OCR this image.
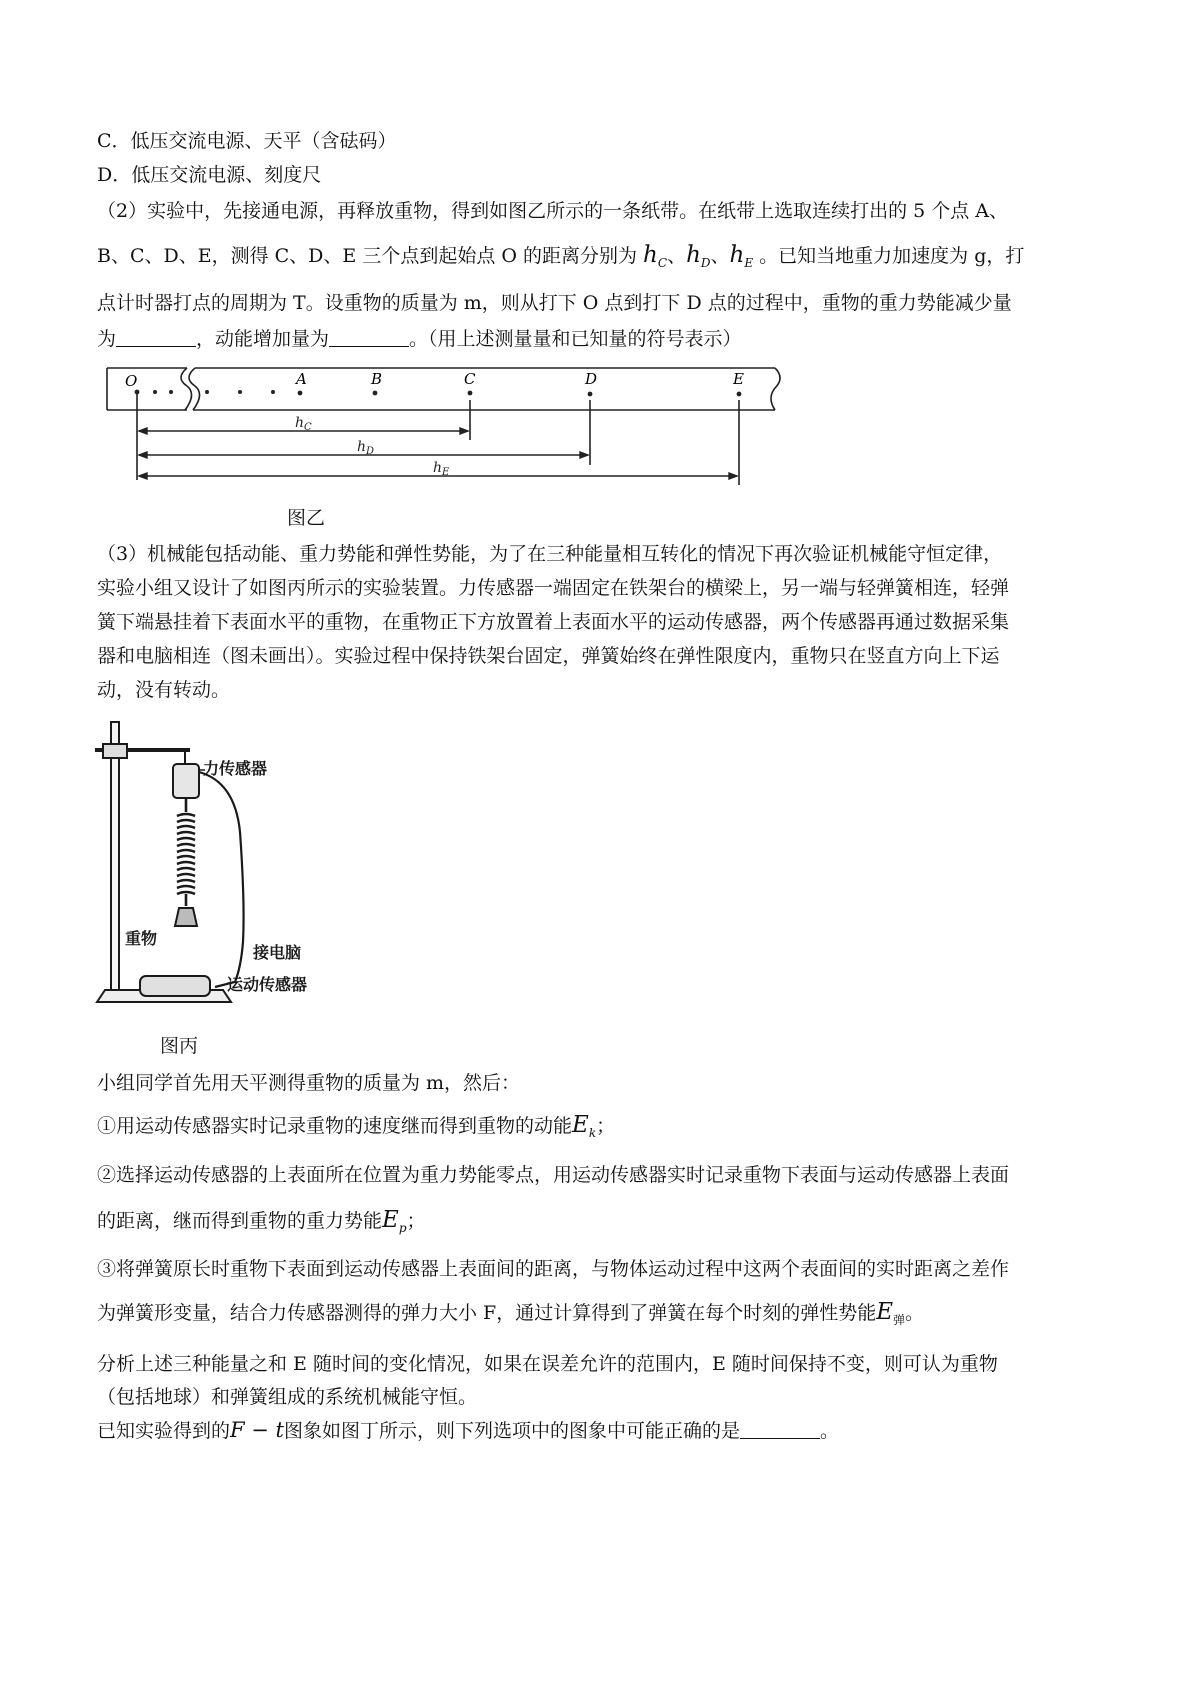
C．低压交流电源、天平（含砝码）
D．低压交流电源、刻度尺
（2）实验中，先接通电源，再释放重物，得到如图乙所示的一条纸带。在纸带上选取连续打出的 5 个点 A、
B、C、D、E，测得 C、D、E 三个点到起始点 O 的距离分别为 $h_C$、$h_D$、$h_E$ 。已知当地重力加速度为 g，打
点计时器打点的周期为 T。设重物的质量为 m，则从打下 O 点到打下 D 点的过程中，重物的重力势能减少量
为	，动能增加量为	。（用上述测量量和已知量的符号表示）
O	A	B	C	D	E
$h_C$
$h_D$
$h_E$
图乙
（3）机械能包括动能、重力势能和弹性势能，为了在三种能量相互转化的情况下再次验证机械能守恒定律，
实验小组又设计了如图丙所示的实验装置。力传感器一端固定在铁架台的横梁上，另一端与轻弹簧相连，轻弹
簧下端悬挂着下表面水平的重物，在重物正下方放置着上表面水平的运动传感器，两个传感器再通过数据采集
器和电脑相连（图未画出）。实验过程中保持铁架台固定，弹簧始终在弹性限度内，重物只在竖直方向上下运
动，没有转动。
力传感器
重物
接电脑
运动传感器
图丙
小组同学首先用天平测得重物的质量为 m，然后：
①用运动传感器实时记录重物的速度继而得到重物的动能$E_k$；
②选择运动传感器的上表面所在位置为重力势能零点，用运动传感器实时记录重物下表面与运动传感器上表面
的距离，继而得到重物的重力势能$E_p$；
③将弹簧原长时重物下表面到运动传感器上表面间的距离，与物体运动过程中这两个表面间的实时距离之差作
为弹簧形变量，结合力传感器测得的弹力大小 F，通过计算得到了弹簧在每个时刻的弹性势能$E_弹$。
分析上述三种能量之和 E 随时间的变化情况，如果在误差允许的范围内，E 随时间保持不变，则可认为重物
（包括地球）和弹簧组成的系统机械能守恒。
已知实验得到的F − t图象如图丁所示，则下列选项中的图象中可能正确的是	。
